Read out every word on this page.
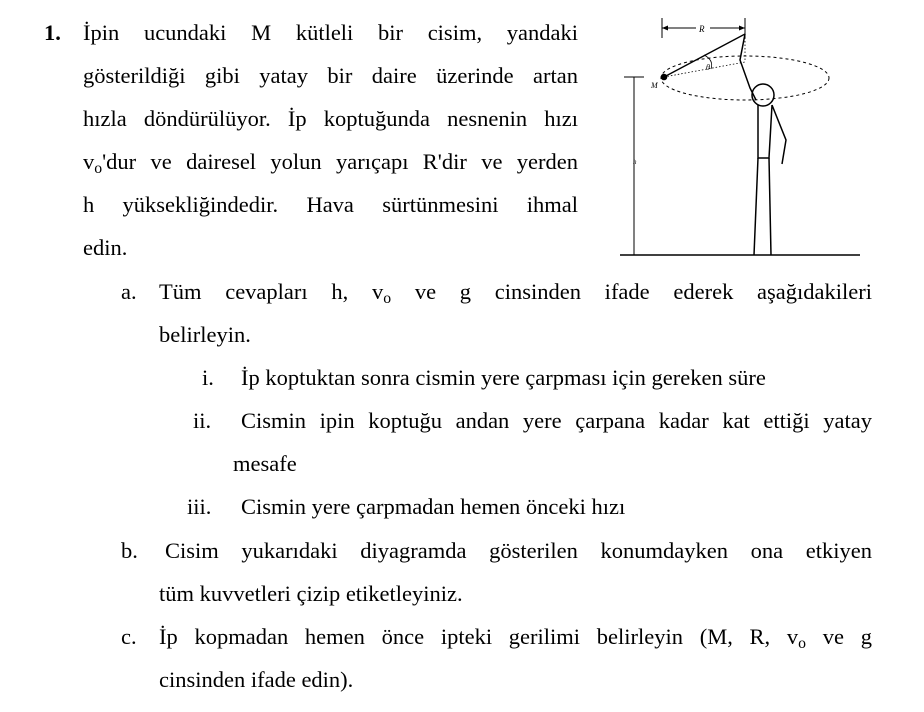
1. İpin ucundaki M kütleli bir cisim, yandaki
gösterildiği gibi yatay bir daire üzerinde artan
hızla döndürülüyor. İp koptuğunda nesnenin hızı
$v_o'dur$ ve dairesel yolun yarıçapı R'dir ve yerden
h yüksekliğindedir. Hava sürtünmesini ihmal
edin.
a. Tüm cevapları h, $v_o$ ve g cinsinden ifade ederek aşağıdakileri
belirleyin.
i. İp koptuktan sonra cismin yere çarpması için gereken süre
ii. Cismin ipin koptuğu andan yere çarpana kadar kat ettiği yatay
mesafe
iii. Cismin yere çarpmadan hemen önceki hızı
b. Cisim yukarıdaki diyagramda gösterilen konumdayken ona etkiyen
tüm kuvvetleri çizip etiketleyiniz.
c. İp kopmadan hemen önce ipteki gerilimi belirleyin (M, R, $v_o$ ve g
cinsinden ifade edin).
h
R
θ
M
